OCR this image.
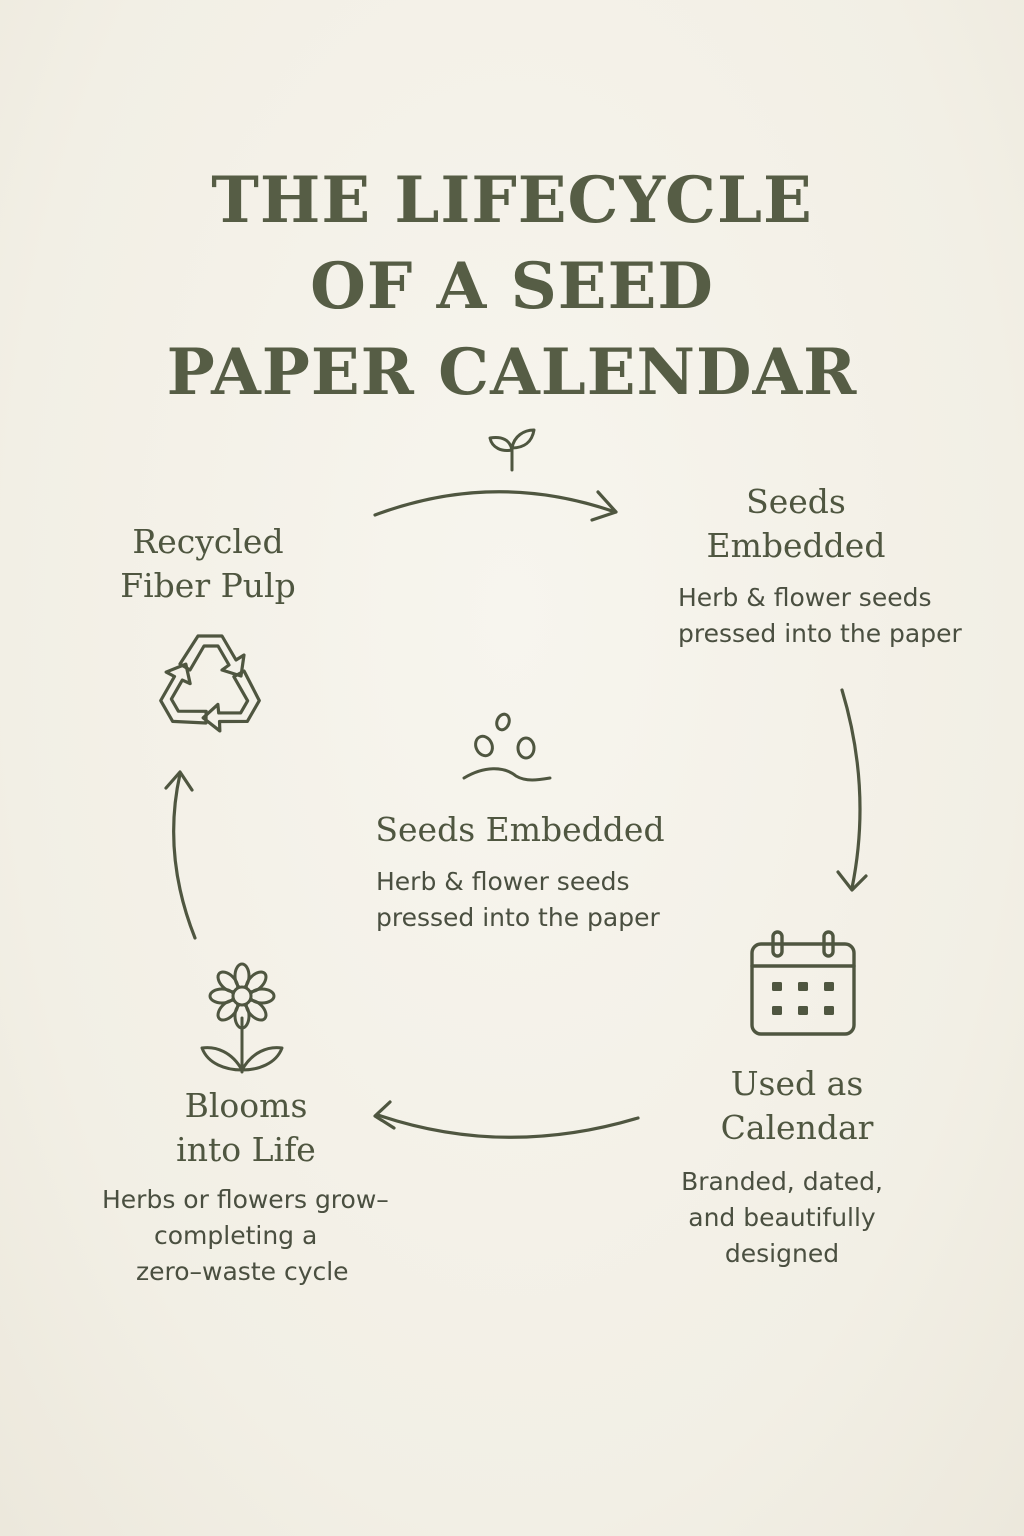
THE LIFECYCLE
OF A SEED
PAPER CALENDAR
Recycled
Fiber Pulp
Seeds
Embedded
Herb & flower seeds
pressed into the paper
Seeds Embedded
Herb & flower seeds
pressed into the paper
Used as
Calendar
Branded, dated,
and beautifully
designed
Blooms
into Life
Herbs or flowers grow–
completing a
zero–waste cycle
